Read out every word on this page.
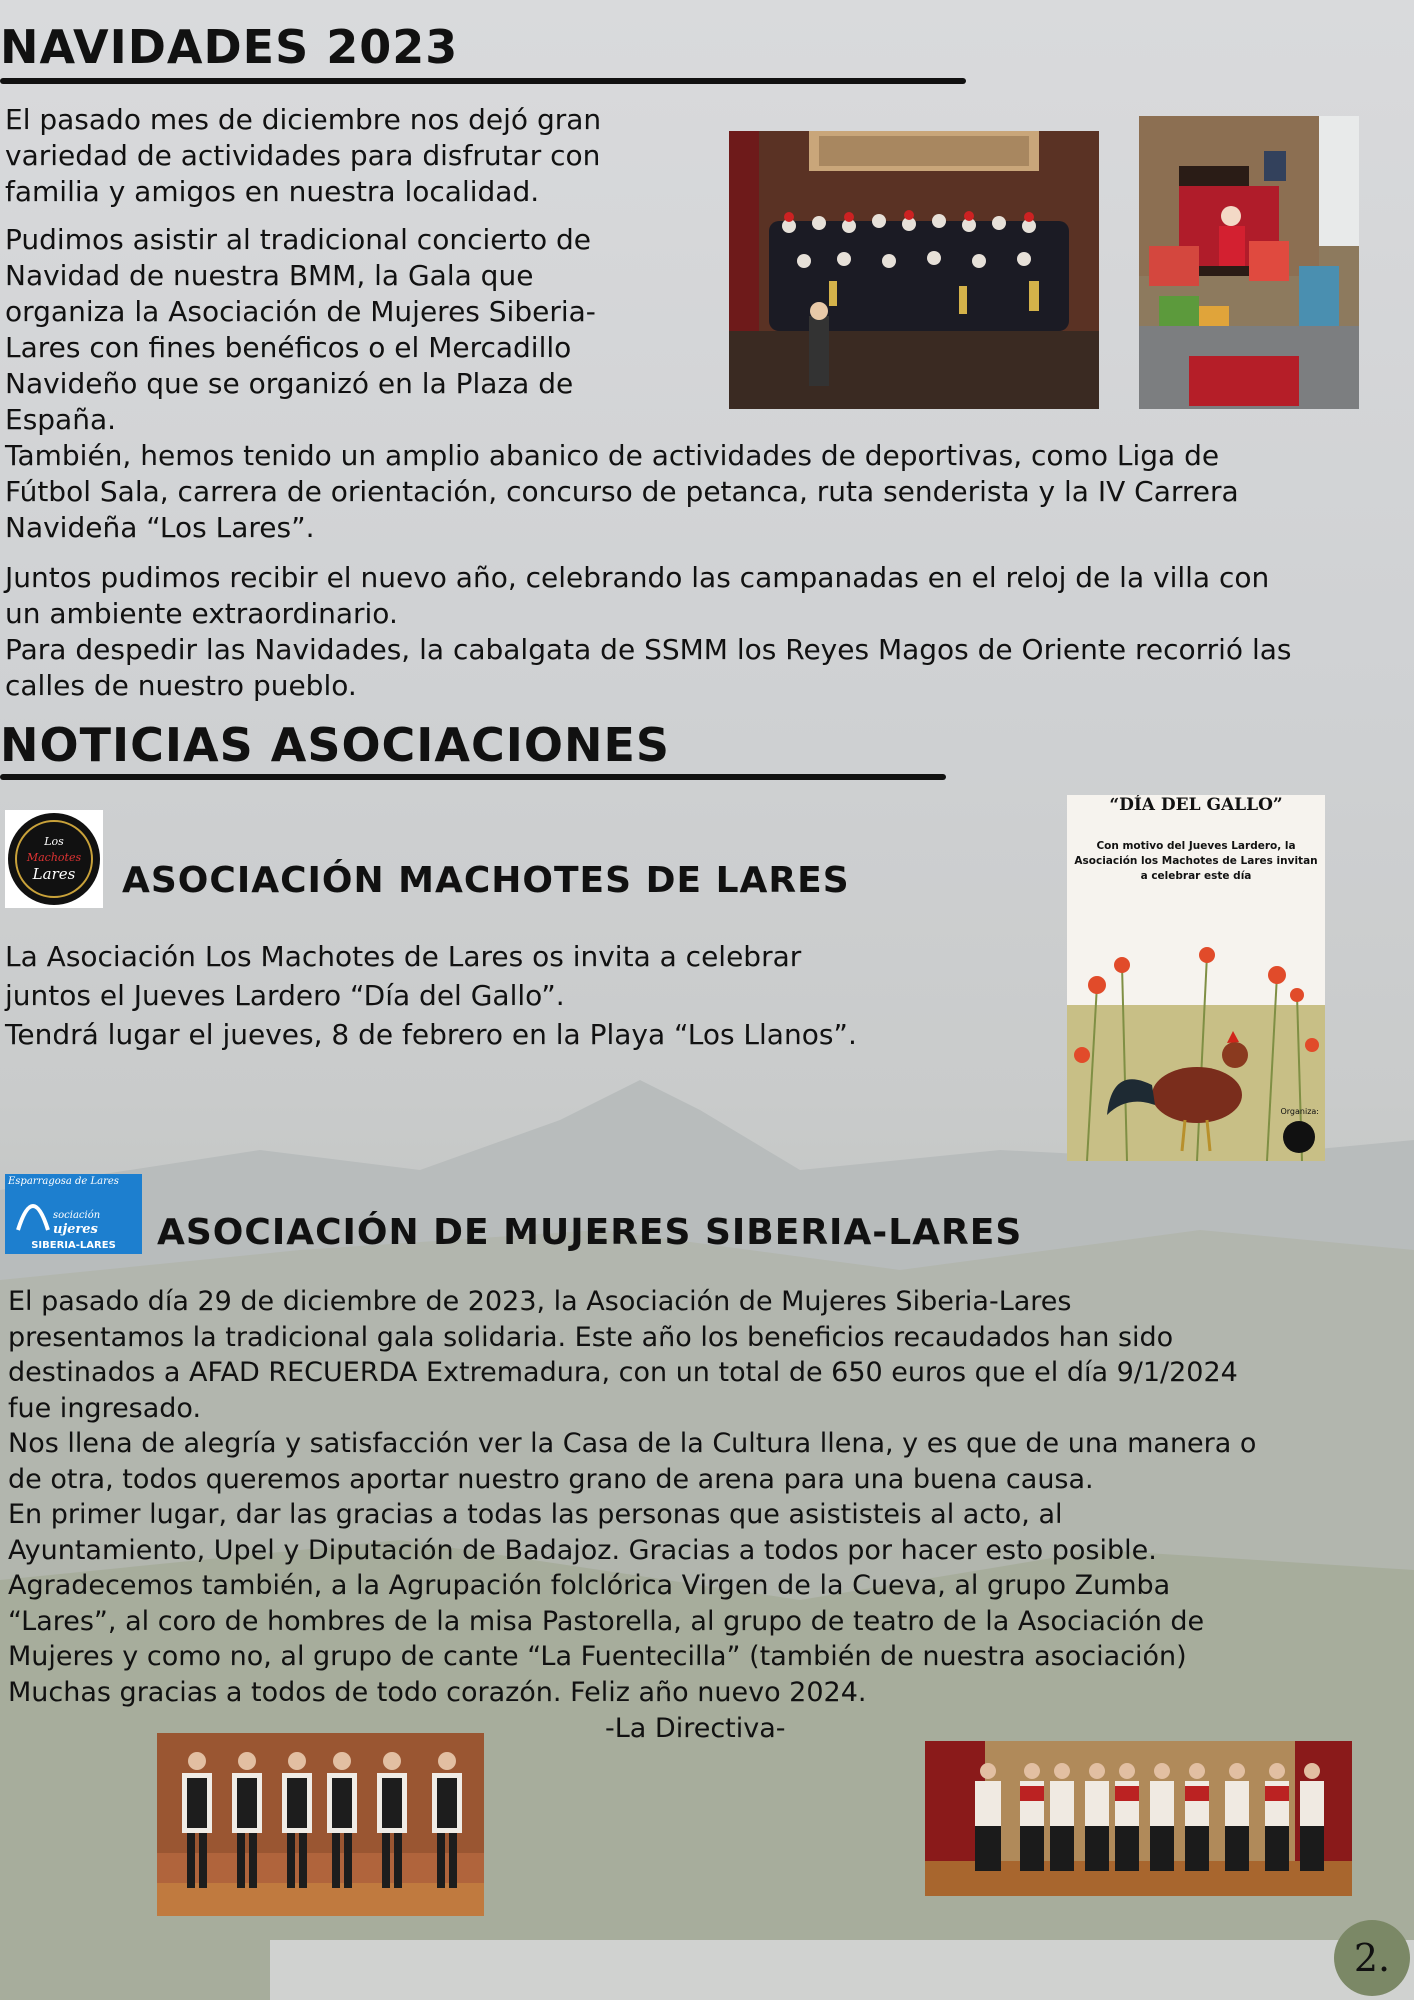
NAVIDADES 2023

El pasado mes de diciembre nos dejó gran

variedad de actividades para disfrutar con

familia y amigos en nuestra localidad.

Pudimos asistir al tradicional concierto de

Navidad de nuestra BMM, la Gala que

organiza la Asociación de Mujeres Siberia-

Lares con fines benéficos o el Mercadillo

Navideño que se organizó en la Plaza de

España.

También, hemos tenido un amplio abanico de actividades de deportivas, como Liga de

Fútbol Sala, carrera de orientación, concurso de petanca, ruta senderista y la IV Carrera

Navideña “Los Lares”.

Juntos pudimos recibir el nuevo año, celebrando las campanadas en el reloj de la villa con

un ambiente extraordinario.

Para despedir las Navidades, la cabalgata de SSMM los Reyes Magos de Oriente recorrió las

calles de nuestro pueblo.

NOTICIAS ASOCIACIONES
Los
Machotes
Lares	ASOCIACIÓN MACHOTES DE LARES

La Asociación Los Machotes de Lares os invita a celebrar

juntos el Jueves Lardero “Día del Gallo”.

Tendrá lugar el jueves, 8 de febrero en la Playa “Los Llanos”.

“DÍA DEL GALLO”
Con motivo del Jueves Lardero, la
Asociación los Machotes de Lares invitan
a celebrar este día
Organiza:
Esparragosa de Lares
sociación
ujeres
SIBERIA-LARES	ASOCIACIÓN DE MUJERES SIBERIA-LARES

El pasado día 29 de diciembre de 2023, la Asociación de Mujeres Siberia-Lares

presentamos la tradicional gala solidaria. Este año los beneficios recaudados han sido

destinados a AFAD RECUERDA Extremadura, con un total de 650 euros que el día 9/1/2024

fue ingresado.

Nos llena de alegría y satisfacción ver la Casa de la Cultura llena, y es que de una manera o

de otra, todos queremos aportar nuestro grano de arena para una buena causa.

En primer lugar, dar las gracias a todas las personas que asististeis al acto, al

Ayuntamiento, Upel y Diputación de Badajoz. Gracias a todos por hacer esto posible.

Agradecemos también, a la Agrupación folclórica Virgen de la Cueva, al grupo Zumba

“Lares”, al coro de hombres de la misa Pastorella, al grupo de teatro de la Asociación de

Mujeres y como no, al grupo de cante “La Fuentecilla” (también de nuestra asociación)

Muchas gracias a todos de todo corazón. Feliz año nuevo 2024.

-La Directiva-
2.
